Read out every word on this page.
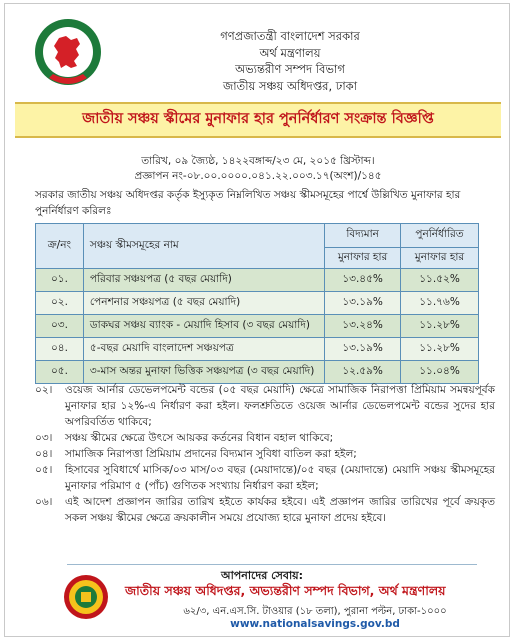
গণপ্রজাতন্ত্রী বাংলাদেশ সরকার
অর্থ মন্ত্রণালয়
অভ্যন্তরীণ সম্পদ বিভাগ
জাতীয় সঞ্চয় অধিদপ্তর, ঢাকা
জাতীয় সঞ্চয় স্কীমের মুনাফার হার পুনর্নির্ধারণ সংক্রান্ত বিজ্ঞপ্তি
তারিখ, ০৯ জ্যৈষ্ঠ, ১৪২২বঙ্গাব্দ/২৩ মে, ২০১৫ খ্রিস্টাব্দ।
প্রজ্ঞাপন নং-০৮.০০.০০০০.০৪১.২২.০০৩.১৭(অংশ)/১৪৫
সরকার জাতীয় সঞ্চয় অধিদপ্তর কর্তৃক ইস্যুকৃত নিম্নলিখিত সঞ্চয় স্কীমসমূহের পার্শ্বে উল্লিখিত মুনাফার হার পুনর্নির্ধারণ করিলঃ
ক্র/নং	সঞ্চয় স্কীমসমূহের নাম	বিদ্যমান	পুনর্নির্ধারিত
		মুনাফার হার	মুনাফার হার
০১.	পরিবার সঞ্চয়পত্র (৫ বছর মেয়াদি)	১৩.৪৫%	১১.৫২%
০২.	পেনশনার সঞ্চয়পত্র (৫ বছর মেয়াদি)	১৩.১৯%	১১.৭৬%
০৩.	ডাকঘর সঞ্চয় ব্যাংক - মেয়াদি হিসাব (৩ বছর মেয়াদি)	১৩.২৪%	১১.২৮%
০৪.	৫-বছর মেয়াদি বাংলাদেশ সঞ্চয়পত্র	১৩.১৯%	১১.২৮%
০৫.	৩-মাস অন্তর মুনাফা ভিত্তিক সঞ্চয়পত্র (৩ বছর মেয়াদি)	১২.৫৯%	১১.০৪%
০২।	ওয়েজ আর্নার ডেভেলপমেন্ট বন্ডের (০৫ বছর মেয়াদি) ক্ষেত্রে সামাজিক নিরাপত্তা প্রিমিয়াম সমন্বয়পূর্বক মুনাফার হার ১২%-এ নির্ধারণ করা হইল। ফলশ্রুতিতে ওয়েজ আর্নার ডেভেলপমেন্ট বন্ডের সুদের হার অপরিবর্তিত থাকিবে;
০৩।	সঞ্চয় স্কীমের ক্ষেত্রে উৎসে আয়কর কর্তনের বিধান বহাল থাকিবে;
০৪।	সামাজিক নিরাপত্তা প্রিমিয়াম প্রদানের বিদ্যমান সুবিধা বাতিল করা হইল;
০৫।	হিসাবের সুবিধার্থে মাসিক/০৩ মাস/০৩ বছর (মেয়াদান্তে)/০৫ বছর (মেয়াদান্তে) মেয়াদি সঞ্চয় স্কীমসমূহের মুনাফার পরিমাণ ৫ (পাঁচ) গুণিতক সংখ্যায় নির্ধারণ করা হইল;
০৬।	এই আদেশ প্রজ্ঞাপন জারির তারিখ হইতে কার্যকর হইবে। এই প্রজ্ঞাপন জারির তারিখের পূর্বে ক্রয়কৃত সকল সঞ্চয় স্কীমের ক্ষেত্রে ক্রয়কালীন সময়ে প্রযোজ্য হারে মুনাফা প্রদেয় হইবে।
আপনাদের সেবায়:
জাতীয় সঞ্চয় অধিদপ্তর, অভ্যন্তরীণ সম্পদ বিভাগ, অর্থ মন্ত্রণালয়
৬২/৩, এন.এস.সি. টাওয়ার (১৮ তলা), পুরানা পল্টন, ঢাকা-১০০০
www.nationalsavings.gov.bd
